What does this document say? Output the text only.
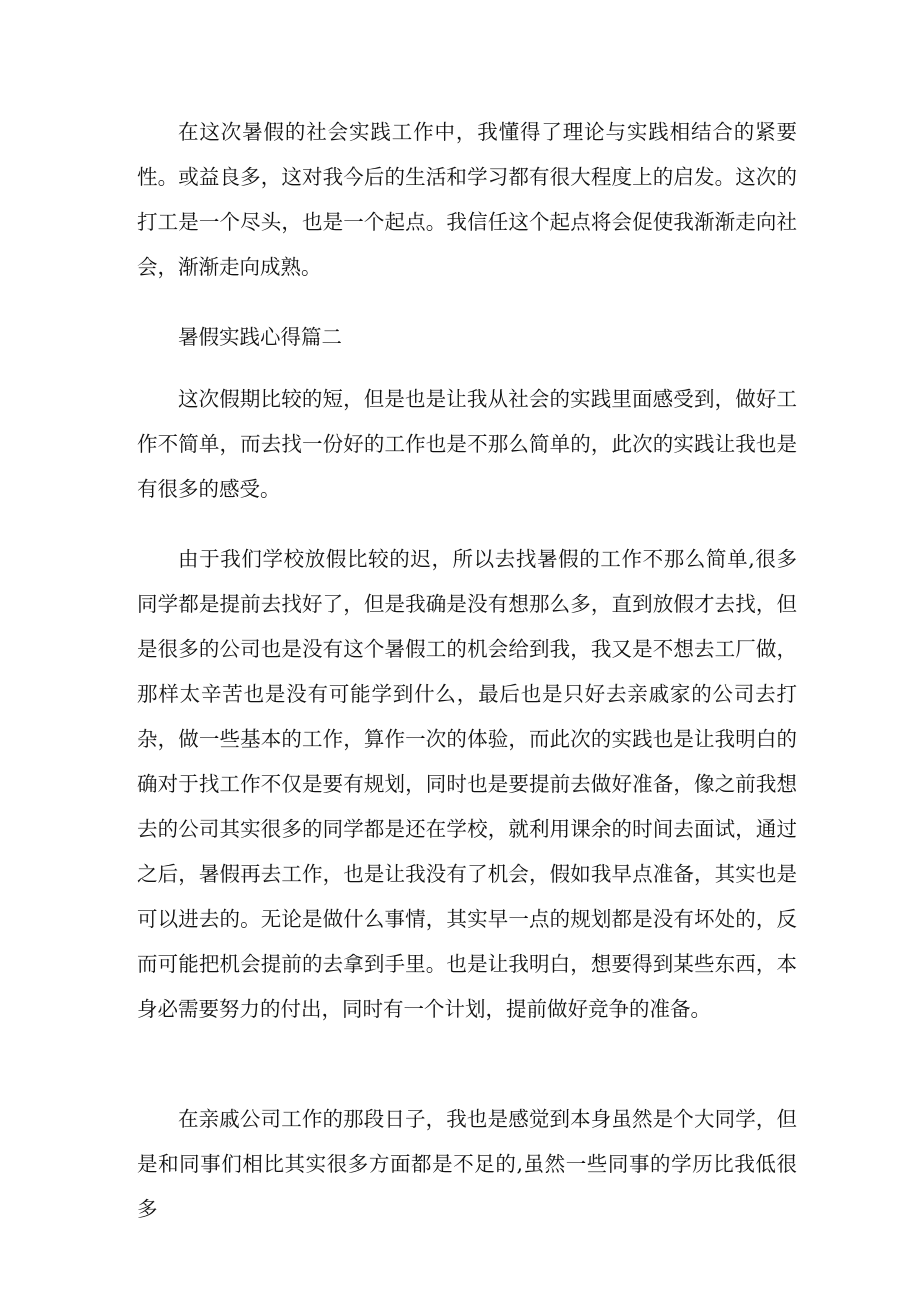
在这次暑假的社会实践工作中，我懂得了理论与实践相结合的紧要
性。或益良多，这对我今后的生活和学习都有很大程度上的启发。这次的
打工是一个尽头，也是一个起点。我信任这个起点将会促使我渐渐走向社
会，渐渐走向成熟。
暑假实践心得篇二
这次假期比较的短，但是也是让我从社会的实践里面感受到，做好工
作不简单，而去找一份好的工作也是不那么简单的，此次的实践让我也是
有很多的感受。
由于我们学校放假比较的迟，所以去找暑假的工作不那么简单,很多
同学都是提前去找好了，但是我确是没有想那么多，直到放假才去找，但
是很多的公司也是没有这个暑假工的机会给到我，我又是不想去工厂做，
那样太辛苦也是没有可能学到什么，最后也是只好去亲戚家的公司去打
杂，做一些基本的工作，算作一次的体验，而此次的实践也是让我明白的
确对于找工作不仅是要有规划，同时也是要提前去做好准备，像之前我想
去的公司其实很多的同学都是还在学校，就利用课余的时间去面试，通过
之后，暑假再去工作，也是让我没有了机会，假如我早点准备，其实也是
可以进去的。无论是做什么事情，其实早一点的规划都是没有坏处的，反
而可能把机会提前的去拿到手里。也是让我明白，想要得到某些东西，本
身必需要努力的付出，同时有一个计划，提前做好竞争的准备。
在亲戚公司工作的那段日子，我也是感觉到本身虽然是个大同学，但
是和同事们相比其实很多方面都是不足的,虽然一些同事的学历比我低很多
